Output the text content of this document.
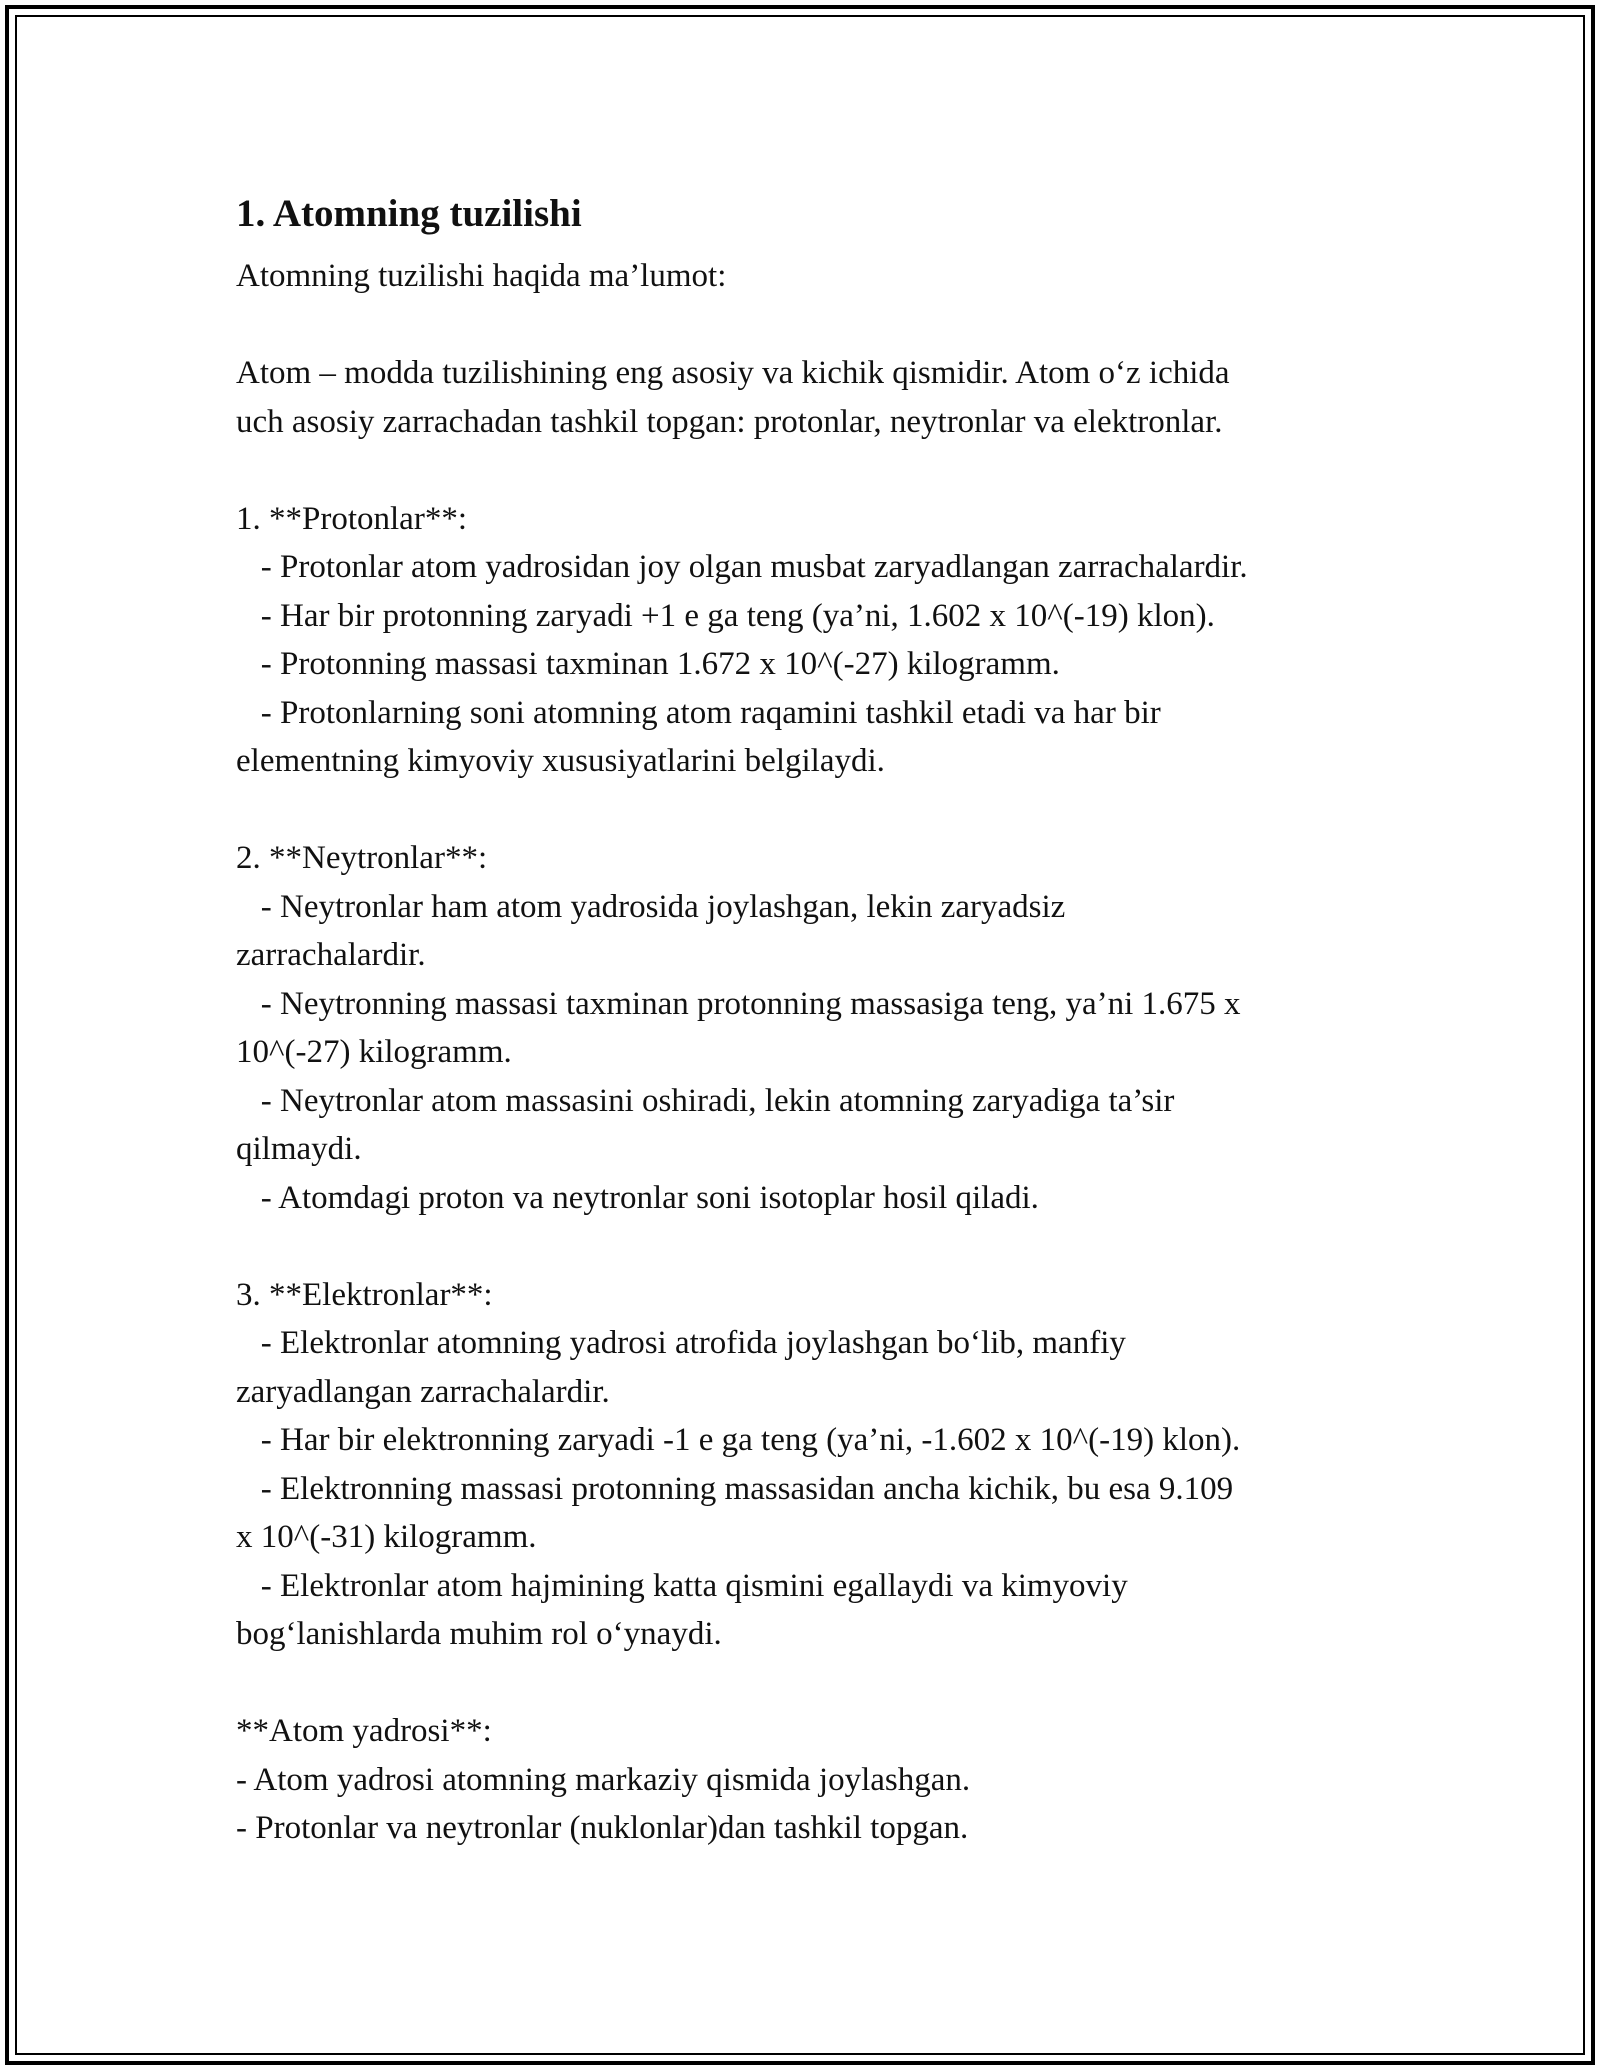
1. Atomning tuzilishi
Atomning tuzilishi haqida ma’lumot:
Atom – modda tuzilishining eng asosiy va kichik qismidir. Atom o‘z ichida
uch asosiy zarrachadan tashkil topgan: protonlar, neytronlar va elektronlar.
1. **Protonlar**:
- Protonlar atom yadrosidan joy olgan musbat zaryadlangan zarrachalardir.
- Har bir protonning zaryadi +1 e ga teng (ya’ni, 1.602 x 10^(-19) klon).
- Protonning massasi taxminan 1.672 x 10^(-27) kilogramm.
- Protonlarning soni atomning atom raqamini tashkil etadi va har bir
elementning kimyoviy xususiyatlarini belgilaydi.
2. **Neytronlar**:
- Neytronlar ham atom yadrosida joylashgan, lekin zaryadsiz
zarrachalardir.
- Neytronning massasi taxminan protonning massasiga teng, ya’ni 1.675 x
10^(-27) kilogramm.
- Neytronlar atom massasini oshiradi, lekin atomning zaryadiga ta’sir
qilmaydi.
- Atomdagi proton va neytronlar soni isotoplar hosil qiladi.
3. **Elektronlar**:
- Elektronlar atomning yadrosi atrofida joylashgan bo‘lib, manfiy
zaryadlangan zarrachalardir.
- Har bir elektronning zaryadi -1 e ga teng (ya’ni, -1.602 x 10^(-19) klon).
- Elektronning massasi protonning massasidan ancha kichik, bu esa 9.109
x 10^(-31) kilogramm.
- Elektronlar atom hajmining katta qismini egallaydi va kimyoviy
bog‘lanishlarda muhim rol o‘ynaydi.
**Atom yadrosi**:
- Atom yadrosi atomning markaziy qismida joylashgan.
- Protonlar va neytronlar (nuklonlar)dan tashkil topgan.
